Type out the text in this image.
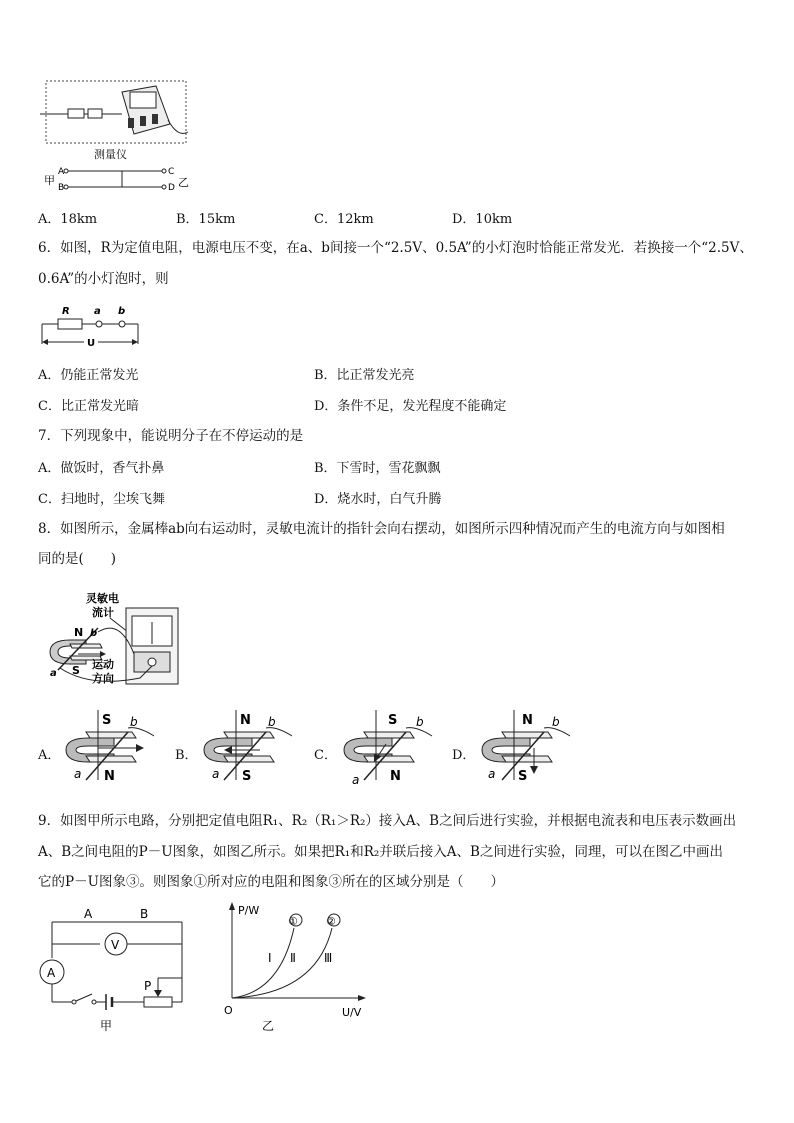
测量仪
A
B
甲
C
D 乙
A．18km	B．15km	C．12km	D．10km
6．如图，R为定值电阻，电源电压不变，在a、b间接一个“2.5V、0.5A”的小灯泡时恰能正常发光．若换接一个“2.5V、
0.6A”的小灯泡时，则
R a b
U
A．仍能正常发光	B．比正常发光亮
C．比正常发光暗	D．条件不足，发光程度不能确定
7．下列现象中，能说明分子在不停运动的是
A．做饭时，香气扑鼻	B．下雪时，雪花飘飘
C．扫地时，尘埃飞舞	D．烧水时，白气升腾
8．如图所示，金属棒ab向右运动时，灵敏电流计的指针会向右摆动，如图所示四种情况而产生的电流方向与如图相
同的是(　　)
灵敏电
流计
N
S
b
a
运动
方向
A．
S
N
b
a
B．
N
S
b
a
C．
S
N
b
a
D．
N
S
b
a
9．如图甲所示电路，分别把定值电阻R₁、R₂（R₁＞R₂）接入A、B之间后进行实验，并根据电流表和电压表示数画出
A、B之间电阻的P－U图象，如图乙所示。如果把R₁和R₂并联后接入A、B之间进行实验，同理，可以在图乙中画出
它的P－U图象③。则图象①所对应的电阻和图象③所在的区域分别是（　　）
V
A	B
A
P
甲
P/W
U/V
O
①	②
Ⅰ Ⅱ Ⅲ
乙
